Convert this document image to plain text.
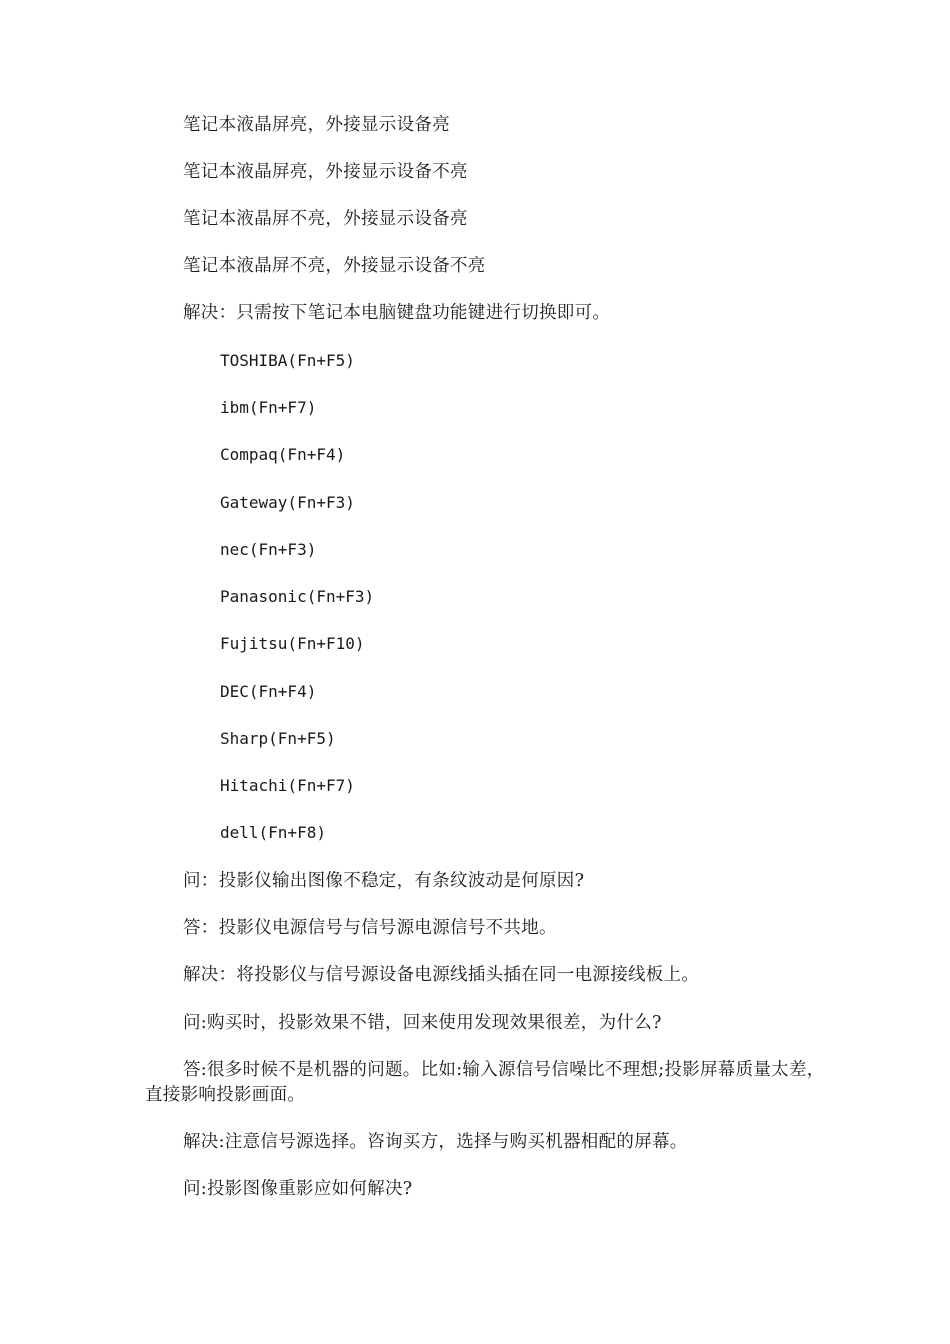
笔记本液晶屏亮，外接显示设备亮
笔记本液晶屏亮，外接显示设备不亮
笔记本液晶屏不亮，外接显示设备亮
笔记本液晶屏不亮，外接显示设备不亮
解决：只需按下笔记本电脑键盘功能键进行切换即可。
TOSHIBA(Fn+F5)
ibm(Fn+F7)
Compaq(Fn+F4)
Gateway(Fn+F3)
nec(Fn+F3)
Panasonic(Fn+F3)
Fujitsu(Fn+F10)
DEC(Fn+F4)
Sharp(Fn+F5)
Hitachi(Fn+F7)
dell(Fn+F8)
问：投影仪输出图像不稳定，有条纹波动是何原因?
答：投影仪电源信号与信号源电源信号不共地。
解决：将投影仪与信号源设备电源线插头插在同一电源接线板上。
问:购买时，投影效果不错，回来使用发现效果很差，为什么?
答:很多时候不是机器的问题。比如:输入源信号信噪比不理想;投影屏幕质量太差，直接影响投影画面。
解决:注意信号源选择。咨询买方，选择与购买机器相配的屏幕。
问:投影图像重影应如何解决?
